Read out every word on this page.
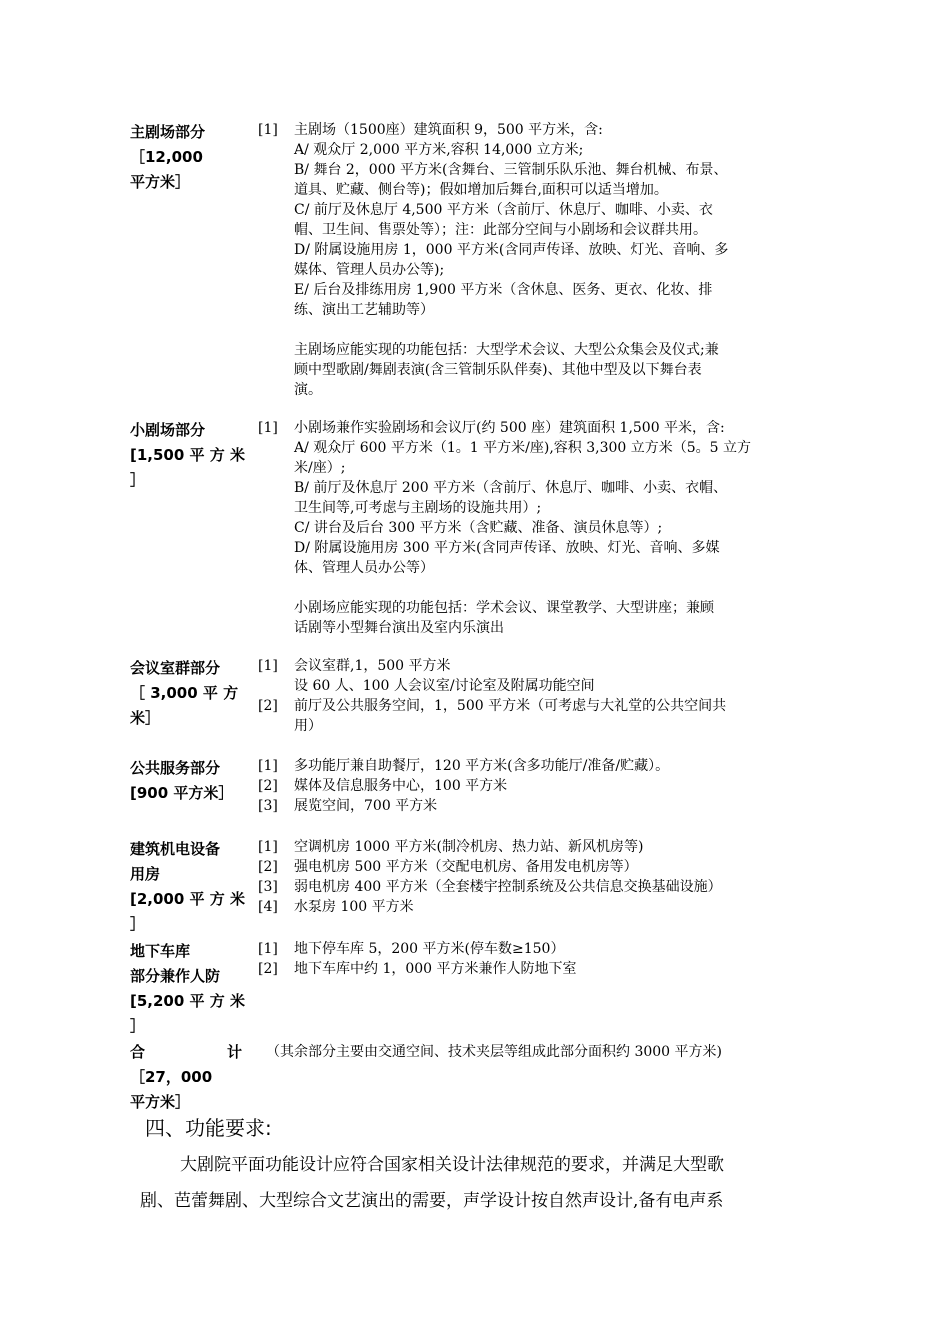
主剧场部分
［12,000
平方米］
[1]	主剧场（1500座）建筑面积 9，500 平方米，含:
A/ 观众厅 2,000 平方米,容积 14,000 立方米;
B/ 舞台 2，000 平方米(含舞台、三管制乐队乐池、舞台机械、布景、
道具、贮藏、侧台等)；假如增加后舞台,面积可以适当增加。
C/ 前厅及休息厅 4,500 平方米（含前厅、休息厅、咖啡、小卖、衣
帽、卫生间、售票处等）；注：此部分空间与小剧场和会议群共用。
D/ 附属设施用房 1，000 平方米(含同声传译、放映、灯光、音响、多
媒体、管理人员办公等);
E/ 后台及排练用房 1,900 平方米（含休息、医务、更衣、化妆、排
练、演出工艺辅助等）
主剧场应能实现的功能包括：大型学术会议、大型公众集会及仪式;兼
顾中型歌剧/舞剧表演(含三管制乐队伴奏)、其他中型及以下舞台表
演。
小剧场部分
[1,500 平 方 米
］
[1]	小剧场兼作实验剧场和会议厅(约 500 座）建筑面积 1,500 平米，含:
A/ 观众厅 600 平方米（1。1 平方米/座),容积 3,300 立方米（5。5 立方
米/座）;
B/ 前厅及休息厅 200 平方米（含前厅、休息厅、咖啡、小卖、衣帽、
卫生间等,可考虑与主剧场的设施共用）;
C/ 讲台及后台 300 平方米（含贮藏、准备、演员休息等）;
D/ 附属设施用房 300 平方米(含同声传译、放映、灯光、音响、多媒
体、管理人员办公等）
小剧场应能实现的功能包括：学术会议、课堂教学、大型讲座；兼顾
话剧等小型舞台演出及室内乐演出
会议室群部分
［ 3,000 平 方
米］
[1]	会议室群,1，500 平方米
设 60 人、100 人会议室/讨论室及附属功能空间
[2]	前厅及公共服务空间，1，500 平方米（可考虑与大礼堂的公共空间共
用）
公共服务部分
[900 平方米］
[1]	多功能厅兼自助餐厅，120 平方米(含多功能厅/准备/贮藏）。
[2]	媒体及信息服务中心，100 平方米
[3]	展览空间，700 平方米
建筑机电设备
用房
[2,000 平 方 米
］
[1]	空调机房 1000 平方米(制冷机房、热力站、新风机房等)
[2]	强电机房 500 平方米（交配电机房、备用发电机房等）
[3]	弱电机房 400 平方米（全套楼宇控制系统及公共信息交换基础设施）
[4]	水泵房 100 平方米
地下车库
部分兼作人防
[5,200 平 方 米
］
[1]	地下停车库 5，200 平方米(停车数≥150）
[2]	地下车库中约 1，000 平方米兼作人防地下室
合	计
［27，000
平方米］
（其余部分主要由交通空间、技术夹层等组成此部分面积约 3000 平方米)
四、功能要求:
大剧院平面功能设计应符合国家相关设计法律规范的要求，并满足大型歌
剧、芭蕾舞剧、大型综合文艺演出的需要，声学设计按自然声设计,备有电声系
